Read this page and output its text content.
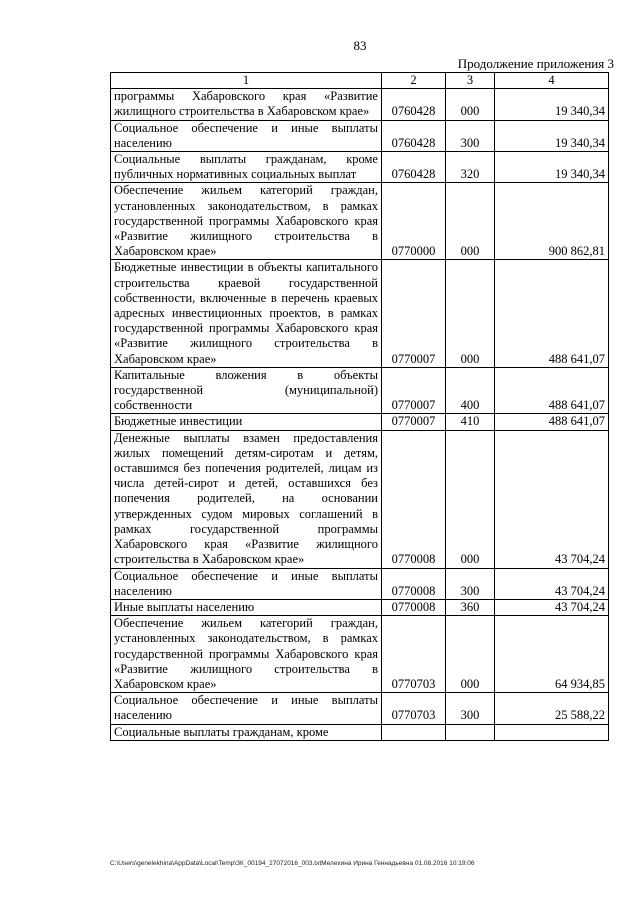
83
Продолжение приложения 3
1	2	3	4
программы Хабаровского края «Развитие жилищного строительства в Хабаровском крае»	0760428	000	19 340,34
Социальное обеспечение и иные выплаты населению	0760428	300	19 340,34
Социальные выплаты гражданам, кроме публичных нормативных социальных выплат	0760428	320	19 340,34
Обеспечение жильем категорий граждан, установленных законодательством, в рамках государственной программы Хабаровского края «Развитие жилищного строительства в Хабаровском крае»	0770000	000	900 862,81
Бюджетные инвестиции в объекты капитального строительства краевой государственной собственности, включенные в перечень краевых адресных инвестиционных проектов, в рамках государственной программы Хабаровского края «Развитие жилищного строительства в Хабаровском крае»	0770007	000	488 641,07
Капитальные вложения в объекты государственной (муниципальной) собственности	0770007	400	488 641,07
Бюджетные инвестиции	0770007	410	488 641,07
Денежные выплаты взамен предоставления жилых помещений детям-сиротам и детям, оставшимся без попечения родителей, лицам из числа детей-сирот и детей, оставшихся без попечения родителей, на основании утвержденных судом мировых соглашений в рамках государственной программы Хабаровского края «Развитие жилищного строительства в Хабаровском крае»	0770008	000	43 704,24
Социальное обеспечение и иные выплаты населению	0770008	300	43 704,24
Иные выплаты населению	0770008	360	43 704,24
Обеспечение жильем категорий граждан, установленных законодательством, в рамках государственной программы Хабаровского края «Развитие жилищного строительства в Хабаровском крае»	0770703	000	64 934,85
Социальное обеспечение и иные выплаты населению	0770703	300	25 588,22
Социальные выплаты гражданам, кроме			
C:\Users\genelekhina\AppData\Local\Temp\ЗК_00194_27072016_003.txtМелехина Ирина Геннадьевна 01.08.2016 10:19:06
